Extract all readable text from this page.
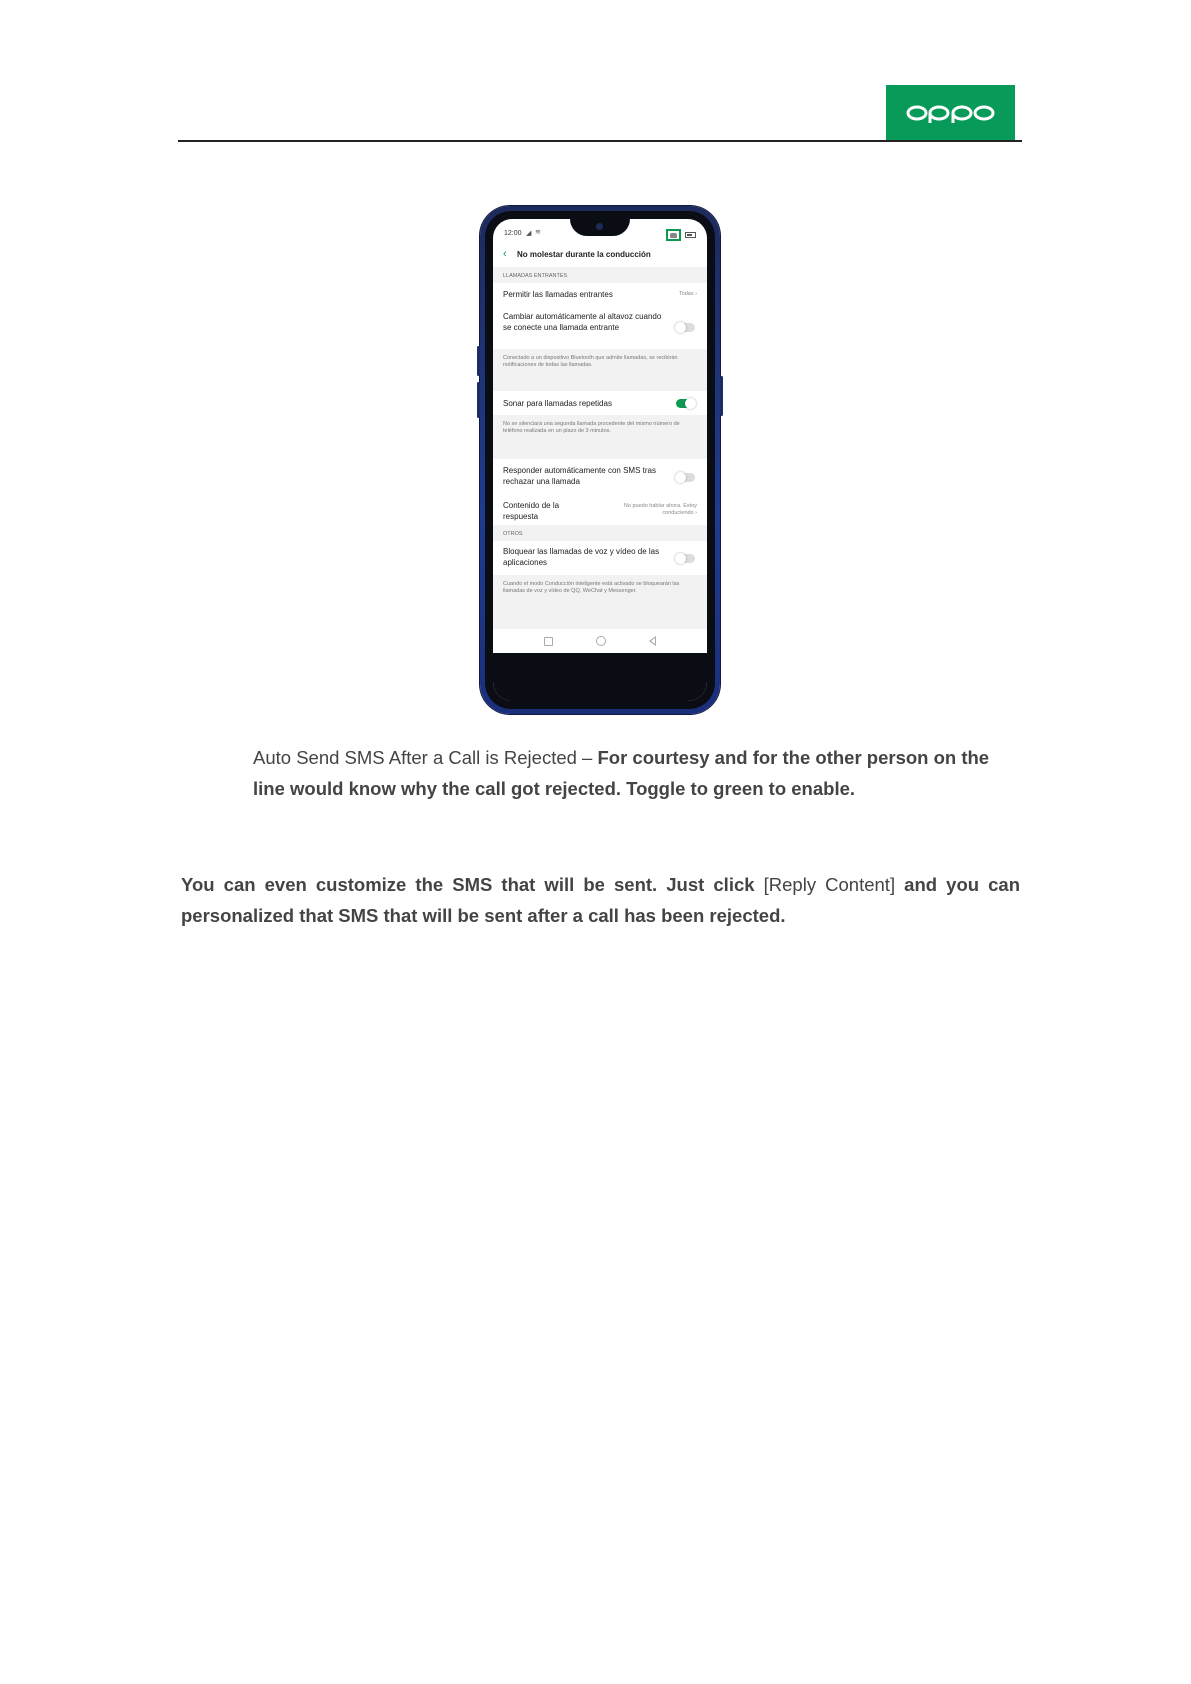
12:00 ◢ ≋
‹	No molestar durante la conducción
LLAMADAS ENTRANTES
Permitir las llamadas entrantes	Todas ›
Cambiar automáticamente al altavoz cuando se conecte una llamada entrante
Conectado a un dispositivo Bluetooth que admite llamadas, se recibirán notificaciones de todas las llamadas.
Sonar para llamadas repetidas
No se silenciará una segunda llamada procedente del mismo número de teléfono realizada en un plazo de 3 minutos.
Responder automáticamente con SMS tras rechazar una llamada
Contenido de la respuesta
No puedo hablar ahora. Estoy conduciendo ›
OTROS
Bloquear las llamadas de voz y vídeo de las aplicaciones
Cuando el modo Conducción inteligente está activado se bloquearán las llamadas de voz y vídeo de QQ, WeChat y Messenger.
Auto Send SMS After a Call is Rejected – For courtesy and for the other person on the line would know why the call got rejected. Toggle to green to enable.
You can even customize the SMS that will be sent. Just click [Reply Content] and you can personalized that SMS that will be sent after a call has been rejected.
